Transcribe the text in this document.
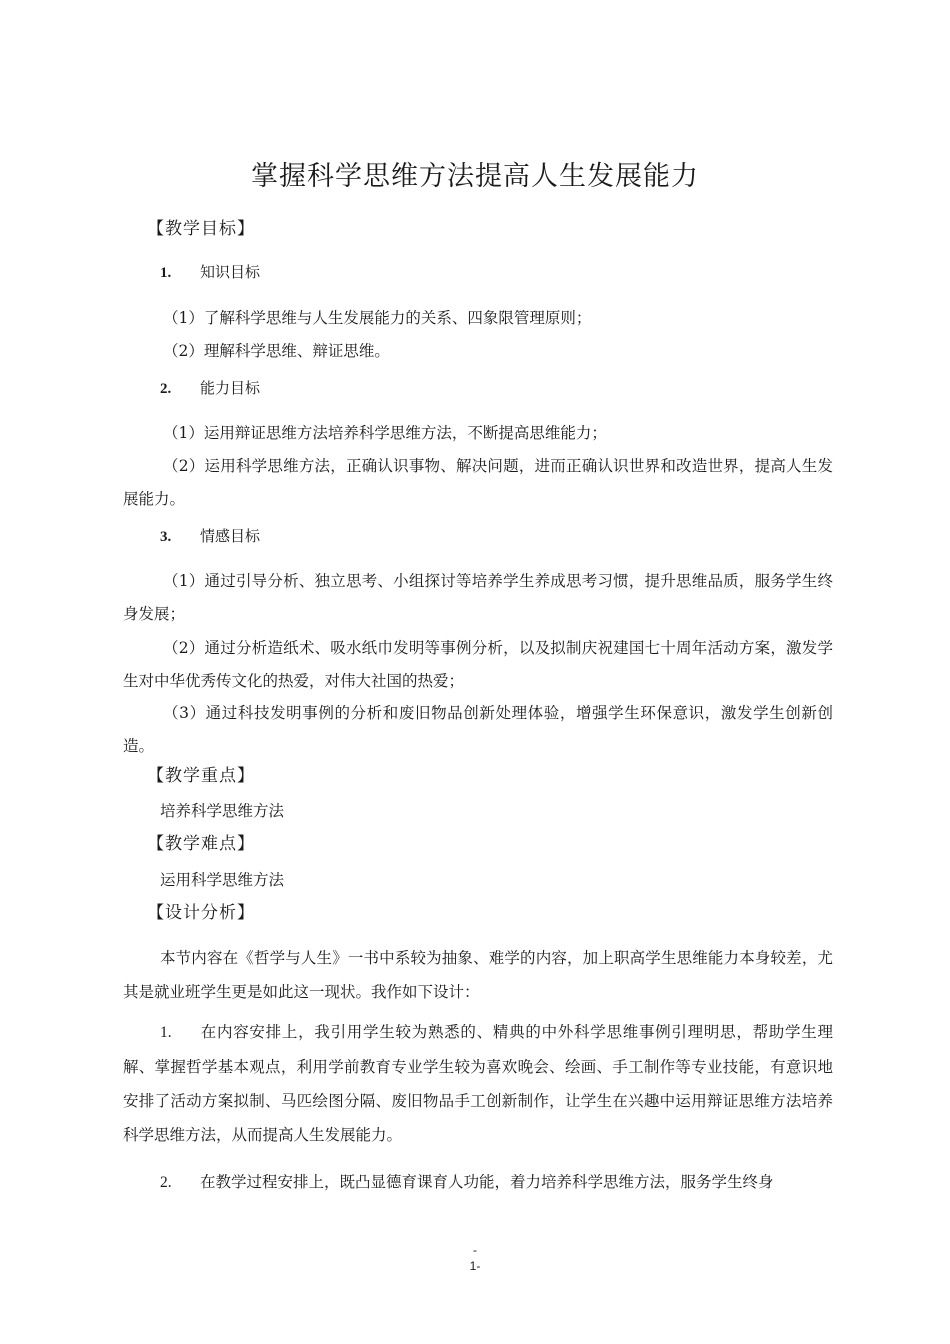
掌握科学思维方法提高人生发展能力
【教学目标】
1. 知识目标

（1）了解科学思维与人生发展能力的关系、四象限管理原则；

（2）理解科学思维、辩证思维。

2. 能力目标

（1）运用辩证思维方法培养科学思维方法，不断提高思维能力；

（2）运用科学思维方法，正确认识事物、解决问题，进而正确认识世界和改造世界，提高人生发展能力。

3. 情感目标

（1）通过引导分析、独立思考、小组探讨等培养学生养成思考习惯，提升思维品质，服务学生终身发展；

（2）通过分析造纸术、吸水纸巾发明等事例分析，以及拟制庆祝建国七十周年活动方案，激发学生对中华优秀传文化的热爱，对伟大社国的热爱；

（3）通过科技发明事例的分析和废旧物品创新处理体验，增强学生环保意识，激发学生创新创造。

【教学重点】
培养科学思维方法
【教学难点】
运用科学思维方法
【设计分析】

本节内容在《哲学与人生》一书中系较为抽象、难学的内容，加上职高学生思维能力本身较差，尤其是就业班学生更是如此这一现状。我作如下设计：

1. 在内容安排上，我引用学生较为熟悉的、精典的中外科学思维事例引理明思，帮助学生理解、掌握哲学基本观点，利用学前教育专业学生较为喜欢晚会、绘画、手工制作等专业技能，有意识地安排了活动方案拟制、马匹绘图分隔、废旧物品手工创新制作，让学生在兴趣中运用辩证思维方法培养科学思维方法，从而提高人生发展能力。

2. 在教学过程安排上，既凸显德育课育人功能，着力培养科学思维方法，服务学生终身

-
1-
